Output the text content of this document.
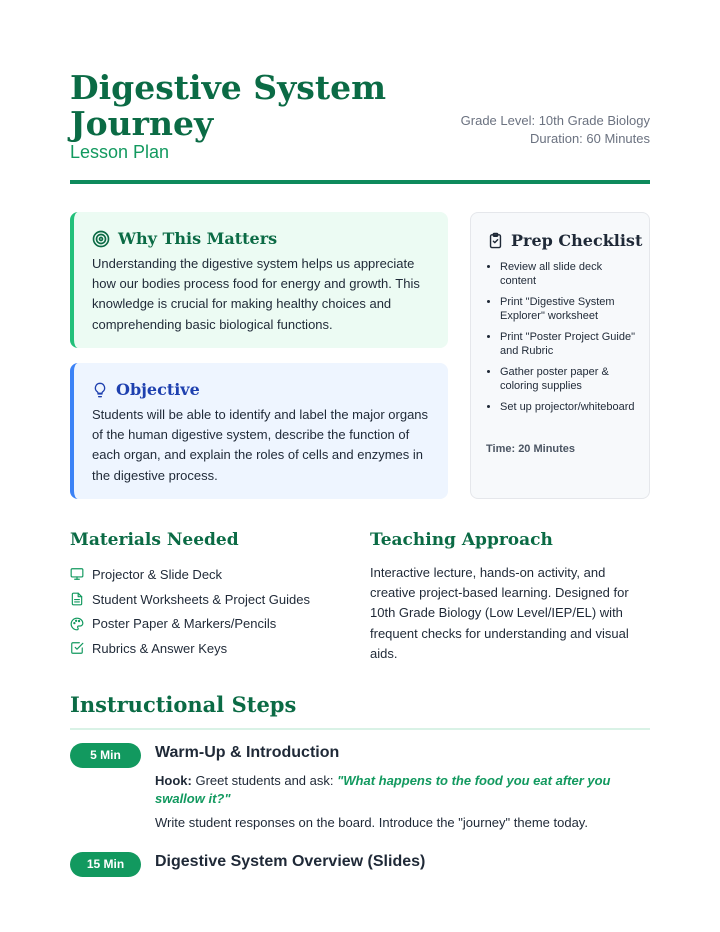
Digestive System Journey
Lesson Plan
Grade Level: 10th Grade Biology
Duration: 60 Minutes
Why This Matters
Understanding the digestive system helps us appreciate how our bodies process food for energy and growth. This knowledge is crucial for making healthy choices and comprehending basic biological functions.
Objective
Students will be able to identify and label the major organs of the human digestive system, describe the function of each organ, and explain the roles of cells and enzymes in the digestive process.
Prep Checklist
• Review all slide deck content
• Print "Digestive System Explorer" worksheet
• Print "Poster Project Guide" and Rubric
• Gather poster paper & coloring supplies
• Set up projector/whiteboard
Time: 20 Minutes
Materials Needed
Projector & Slide Deck
Student Worksheets & Project Guides
Poster Paper & Markers/Pencils
Rubrics & Answer Keys
Teaching Approach
Interactive lecture, hands-on activity, and creative project-based learning. Designed for 10th Grade Biology (Low Level/IEP/EL) with frequent checks for understanding and visual aids.
Instructional Steps
5 Min	Warm-Up & Introduction
Hook: Greet students and ask: "What happens to the food you eat after you swallow it?"
Write student responses on the board. Introduce the "journey" theme today.
15 Min	Digestive System Overview (Slides)
